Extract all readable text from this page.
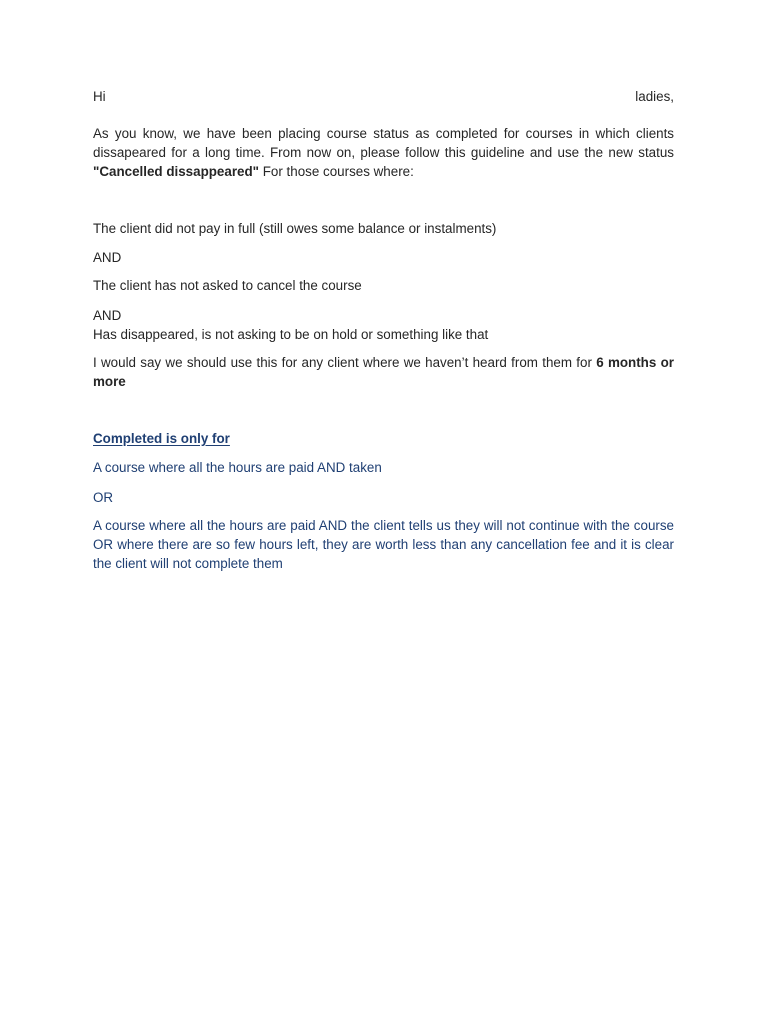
Hi	ladies,

As you know, we have been placing course status as completed for courses in which clients dissapeared for a long time. From now on, please follow this guideline and use the new status "Cancelled dissappeared" For those courses where:

The client did not pay in full (still owes some balance or instalments)

AND

The client has not asked to cancel the course

AND

Has disappeared, is not asking to be on hold or something like that

I would say we should use this for any client where we haven’t heard from them for 6 months or more

Completed is only for

A course where all the hours are paid AND taken

OR

A course where all the hours are paid AND the client tells us they will not continue with the course OR where there are so few hours left, they are worth less than any cancellation fee and it is clear the client will not complete them
